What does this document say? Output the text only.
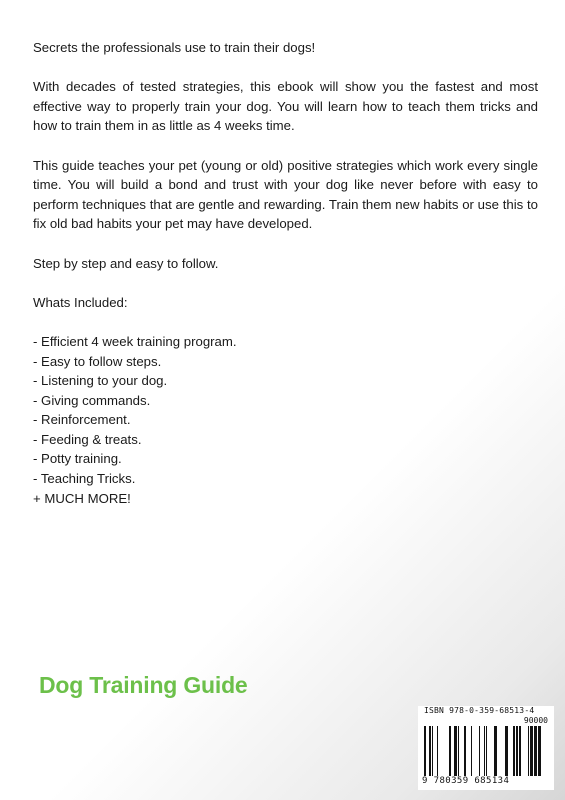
Secrets the professionals use to train their dogs!

With decades of tested strategies, this ebook will show you the fastest and most effective way to properly train your dog. You will learn how to teach them tricks and how to train them in as little as 4 weeks time.

This guide teaches your pet (young or old) positive strategies which work every single time. You will build a bond and trust with your dog like never before with easy to perform techniques that are gentle and rewarding. Train them new habits or use this to fix old bad habits your pet may have developed.

Step by step and easy to follow.

Whats Included:

- Efficient 4 week training program.
- Easy to follow steps.
- Listening to your dog.
- Giving commands.
- Reinforcement.
- Feeding & treats.
- Potty training.
- Teaching Tricks.
+ MUCH MORE!
Dog Training Guide
ISBN 978-0-359-68513-4
90000
9 780359 685134
